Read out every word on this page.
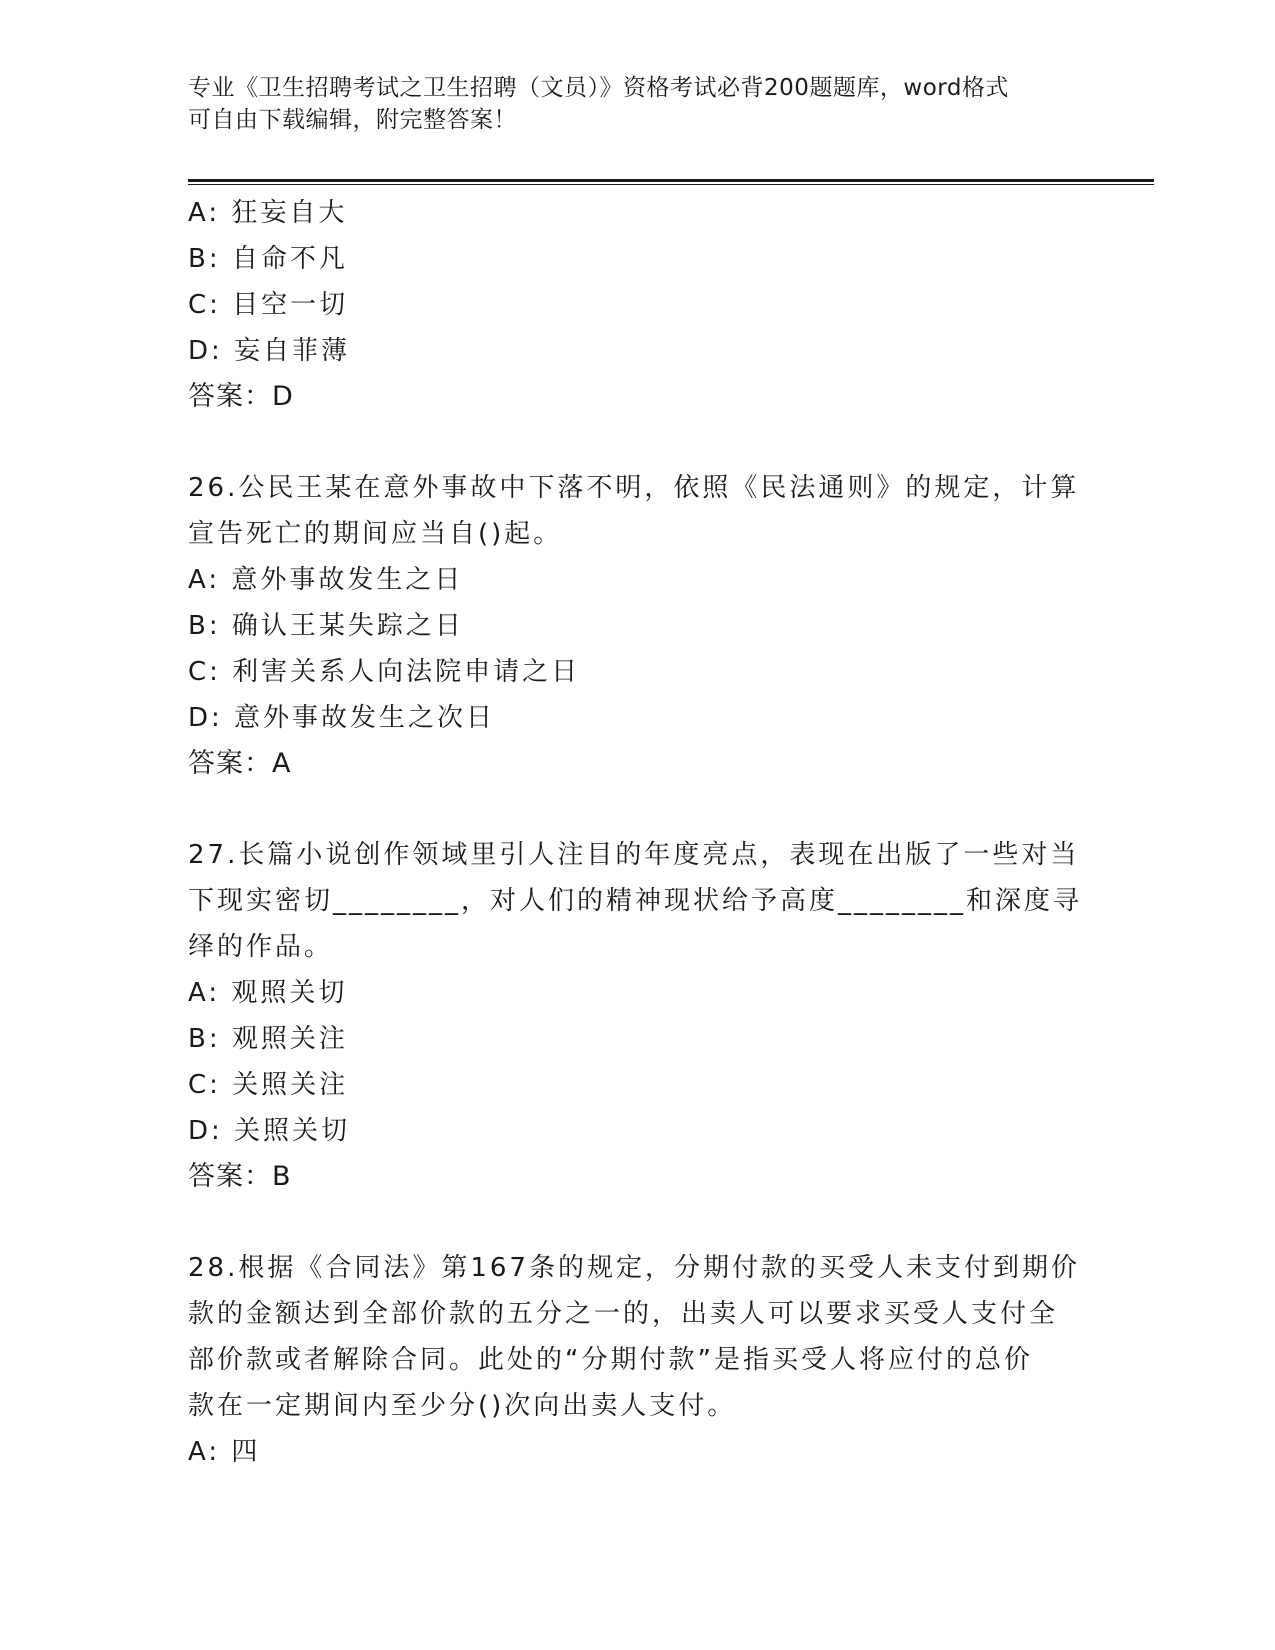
专业《卫生招聘考试之卫生招聘（文员）》资格考试必背200题题库，word格式
可自由下载编辑，附完整答案！
A: 狂妄自大
B: 自命不凡
C: 目空一切
D: 妄自菲薄
答案：D
26.公民王某在意外事故中下落不明，依照《民法通则》的规定，计算
宣告死亡的期间应当自()起。
A: 意外事故发生之日
B: 确认王某失踪之日
C: 利害关系人向法院申请之日
D: 意外事故发生之次日
答案：A
27.长篇小说创作领域里引人注目的年度亮点，表现在出版了一些对当
下现实密切________，对人们的精神现状给予高度________和深度寻
绎的作品。
A: 观照关切
B: 观照关注
C: 关照关注
D: 关照关切
答案：B
28.根据《合同法》第167条的规定，分期付款的买受人未支付到期价
款的金额达到全部价款的五分之一的，出卖人可以要求买受人支付全
部价款或者解除合同。此处的“分期付款”是指买受人将应付的总价
款在一定期间内至少分()次向出卖人支付。
A: 四
